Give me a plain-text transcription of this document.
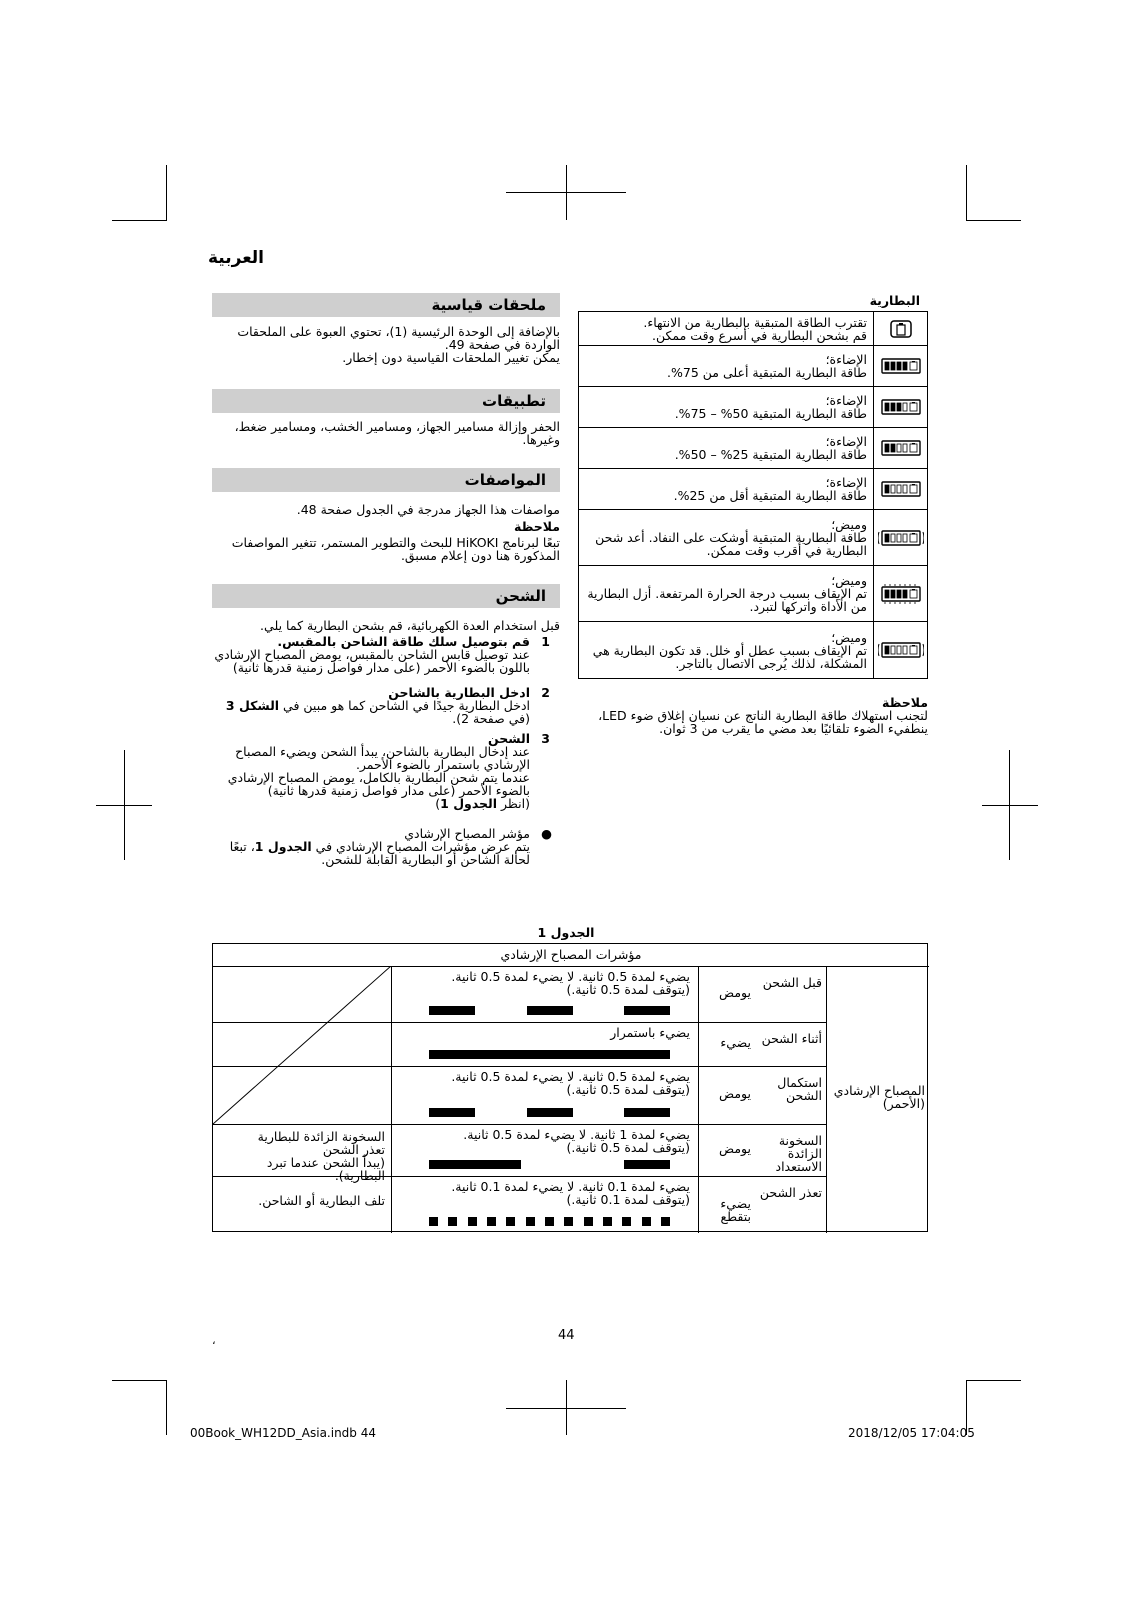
العربية
ملحقات قياسية

بالإضافة إلى الوحدة الرئيسية (1)، تحتوي العبوة على الملحقات الواردة في صفحة 49.

يمكن تغيير الملحقات القياسية دون إخطار.

تطبيقات
الحفر وإزالة مسامير الجهاز، ومسامير الخشب، ومسامير ضغط، وغيرها.
المواصفات
مواصفات هذا الجهاز مدرجة في الجدول صفحة 48.
ملاحظة
تبعًا لبرنامج HiKOKI للبحث والتطوير المستمر، تتغير المواصفات المذكورة هنا دون إعلام مسبق.
الشحن
قبل استخدام العدة الكهربائية، قم بشحن البطارية كما يلي.
1
قم بتوصيل سلك طاقة الشاحن بالمقبس.
عند توصيل قابس الشاحن بالمقبس، يومض المصباح الإرشادي باللون بالضوء الأحمر (على مدار فواصل زمنية قدرها ثانية)
2
ادخل البطارية بالشاحن
ادخل البطارية جيدًا في الشاحن كما هو مبين في الشكل 3 (في صفحة 2).
3
الشحن
عند إدخال البطارية بالشاحن، يبدأ الشحن ويضيء المصباح الإرشادي باستمرار بالضوء الأحمر.
عندما يتم شحن البطارية بالكامل، يومض المصباح الإرشادي بالضوء الأحمر (على مدار فواصل زمنية قدرها ثانية)
(انظر الجدول 1)
●
مؤشر المصباح الإرشادي
يتم عرض مؤشرات المصباح الإرشادي في الجدول 1، تبعًا لحالة الشاحن أو البطارية القابلة للشحن.
البطارية
تقترب الطاقة المتبقية بالبطارية من الانتهاء.
قم بشحن البطارية في أسرع وقت ممكن.
الإضاءة؛
طاقة البطارية المتبقية أعلى من 75%.
الإضاءة؛
طاقة البطارية المتبقية 50% – 75%.
الإضاءة؛
طاقة البطارية المتبقية 25% – 50%.
الإضاءة؛
طاقة البطارية المتبقية أقل من 25%.
وميض؛
طاقة البطارية المتبقية أوشكت على النفاد. أعد شحن البطارية في أقرب وقت ممكن.
وميض؛
تم الإيقاف بسبب درجة الحرارة المرتفعة. أزل البطارية من الأداة واتركها لتبرد.
وميض؛
تم الإيقاف بسبب عطل أو خلل. قد تكون البطارية هي المشكلة، لذلك يُرجى الاتصال بالتاجر.
ملاحظة
لتجنب استهلاك طاقة البطارية الناتج عن نسيان إغلاق ضوء LED، ينطفيء الضوء تلقائيًا بعد مضي ما يقرب من 3 ثوان.
الجدول 1
مؤشرات المصباح الإرشادي
المصباح الإرشادي (الأحمر)
قبل الشحن
يومض
يضيء لمدة 0.5 ثانية. لا يضيء لمدة 0.5 ثانية.
(يتوقف لمدة 0.5 ثانية.)
أثناء الشحن
يضيء
يضيء باستمرار
استكمال الشحن
يومض
يضيء لمدة 0.5 ثانية. لا يضيء لمدة 0.5 ثانية.
(يتوقف لمدة 0.5 ثانية.)
السخونة الزائدة الاستعداد
يومض
يضيء لمدة 1 ثانية. لا يضيء لمدة 0.5 ثانية.
(يتوقف لمدة 0.5 ثانية.)
السخونة الزائدة للبطارية
تعذر الشحن
(يبدأ الشحن عندما تبرد البطارية).
تعذر الشحن
يضيء بتقطع
يضيء لمدة 0.1 ثانية. لا يضيء لمدة 0.1 ثانية.
(يتوقف لمدة 0.1 ثانية.)
تلف البطارية أو الشاحن.
44
،
00Book_WH12DD_Asia.indb 44	2018/12/05 17:04:05
